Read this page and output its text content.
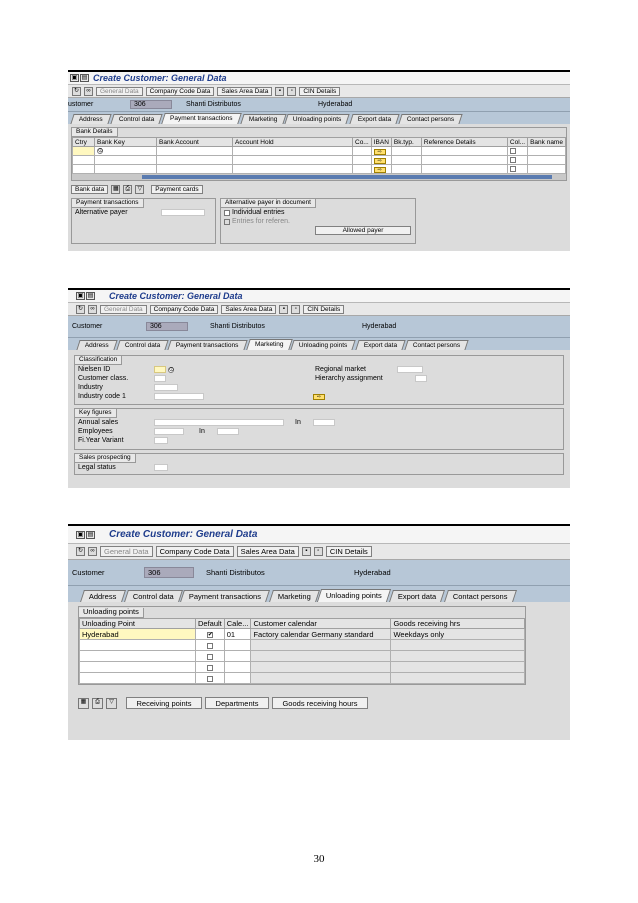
▣ ▤ Create Customer: General Data
↻	∞	General Data	Company Code Data	Sales Area Data	▪	▫	CIN Details
ustomer	306	Shanti Distributos	Hyderabad
Address	Control data	Payment transactions	Marketing	Unloading points	Export data	Contact persons
Bank Details
Ctry	Bank Key	Bank Account	Account Hold	Co...	IBAN	Bk.typ.	Reference Details	Col...	Bank name
	⊙				⇨				
					⇨				
					⇨				
Bank data	▦	⎙	▽	Payment cards
Payment transactions
Alternative payer
Alternative payer in document

Individual entries

Entries for referen.
Allowed payer
▣ ▤ Create Customer: General Data
↻	∞	General Data	Company Code Data	Sales Area Data	▪	▫	CIN Details
Customer	306	Shanti Distributos	Hyderabad
Address	Control data	Payment transactions	Marketing	Unloading points	Export data	Contact persons
Classification
Nielsen ID
	⊙	Regional market
Customer class.	Hierarchy assignment
Industry
Industry code 1	⇨
Key figures
Annual sales	In
Employees	In
Fi.Year Variant
Sales prospecting
Legal status
▣ ▤ Create Customer: General Data
↻	∞	General Data	Company Code Data	Sales Area Data	▪	▫	CIN Details
Customer	306	Shanti Distributos	Hyderabad
Address	Control data	Payment transactions	Marketing	Unloading points	Export data	Contact persons
Unloading points
Unloading Point	Default	Cale...	Customer calendar	Goods receiving hrs
Hyderabad	✔	01	Factory calendar Germany standard	Weekdays only

▦	⎙	▽	Receiving points	Departments	Goods receiving hours
30
